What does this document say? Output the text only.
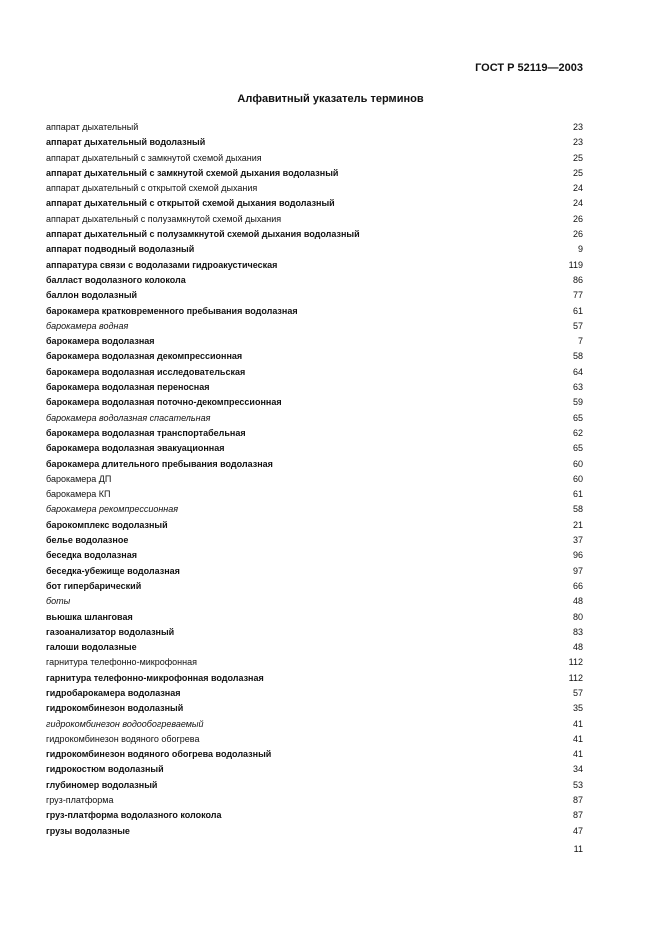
ГОСТ Р 52119—2003
Алфавитный указатель терминов
аппарат дыхательный	23
аппарат дыхательный водолазный	23
аппарат дыхательный с замкнутой схемой дыхания	25
аппарат дыхательный с замкнутой схемой дыхания водолазный	25
аппарат дыхательный с открытой схемой дыхания	24
аппарат дыхательный с открытой схемой дыхания водолазный	24
аппарат дыхательный с полузамкнутой схемой дыхания	26
аппарат дыхательный с полузамкнутой схемой дыхания водолазный	26
аппарат подводный водолазный	9
аппаратура связи с водолазами гидроакустическая	119
балласт водолазного колокола	86
баллон водолазный	77
барокамера кратковременного пребывания водолазная	61
барокамера водная	57
барокамера водолазная	7
барокамера водолазная декомпрессионная	58
барокамера водолазная исследовательская	64
барокамера водолазная переносная	63
барокамера водолазная поточно-декомпрессионная	59
барокамера водолазная спасательная	65
барокамера водолазная транспортабельная	62
барокамера водолазная эвакуационная	65
барокамера длительного пребывания водолазная	60
барокамера ДП	60
барокамера КП	61
барокамера рекомпрессионная	58
барокомплекс водолазный	21
белье водолазное	37
беседка водолазная	96
беседка-убежище водолазная	97
бот гипербарический	66
боты	48
вьюшка шланговая	80
газоанализатор водолазный	83
галоши водолазные	48
гарнитура телефонно-микрофонная	112
гарнитура телефонно-микрофонная водолазная	112
гидробарокамера водолазная	57
гидрокомбинезон водолазный	35
гидрокомбинезон водообогреваемый	41
гидрокомбинезон водяного обогрева	41
гидрокомбинезон водяного обогрева водолазный	41
гидрокостюм водолазный	34
глубиномер водолазный	53
груз-платформа	87
груз-платформа водолазного колокола	87
грузы водолазные	47
11
